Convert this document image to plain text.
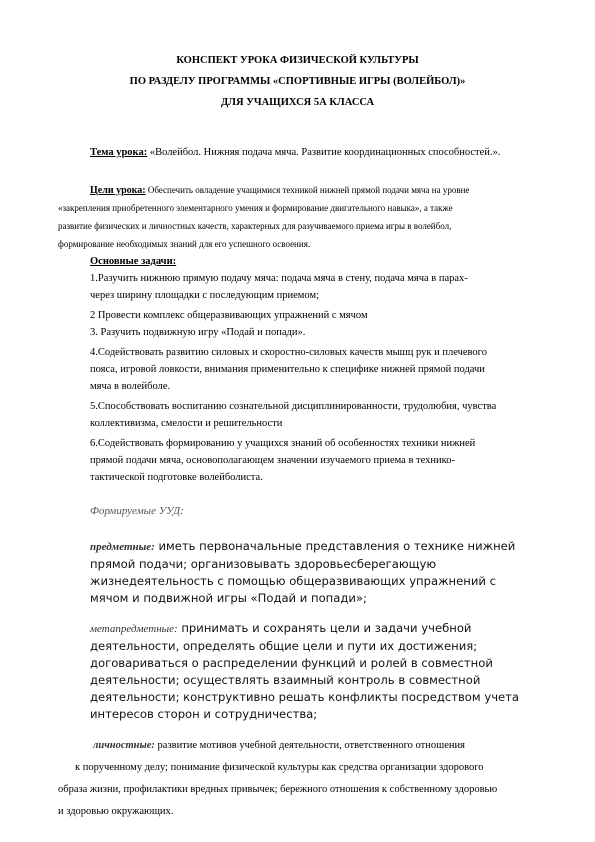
КОНСПЕКТ УРОКА ФИЗИЧЕСКОЙ КУЛЬТУРЫ
ПО РАЗДЕЛУ ПРОГРАММЫ «СПОРТИВНЫЕ ИГРЫ (ВОЛЕЙБОЛ)»
ДЛЯ УЧАЩИХСЯ 5А КЛАССА
Тема урока: «Волейбол. Нижняя подача мяча. Развитие координационных способностей.».
Цели урока: Обеспечить овладение учащимися техникой нижней прямой подачи мяча на уровне
«закрепления приобретенного элементарного умения и формирование двигательного навыка», а также
развитие физических и личностных качеств, характерных для разучиваемого приема игры в волейбол,
формирование необходимых знаний для его успешного освоения.
Основные задачи:
1.Разучить нижнюю прямую подачу мяча: подача мяча в стену, подача мяча в парах-
через ширину площадки с последующим приемом;
2 Провести комплекс общеразвивающих упражнений с мячом
3. Разучить подвижную игру «Подай и попади».
4.Содействовать развитию силовых и скоростно-силовых качеств мышц рук и плечевого
пояса, игровой ловкости, внимания применительно к специфике нижней прямой подачи
мяча в волейболе.
5.Способствовать воспитанию сознательной дисциплинированности, трудолюбия, чувства
коллективизма, смелости и решительности
6.Содействовать формированию у учащихся знаний об особенностях техники нижней
прямой подачи мяча, основополагающем значении изучаемого приема в технико-
тактической подготовке волейболиста.
Формируемые УУД:
предметные: иметь первоначальные представления о технике нижней
прямой подачи; организовывать здоровьесберегающую
жизнедеятельность с помощью общеразвивающих упражнений с
мячом и подвижной игры «Подай и попади»;
метапредметные: принимать и сохранять цели и задачи учебной
деятельности, определять общие цели и пути их достижения;
договариваться о распределении функций и ролей в совместной
деятельности; осуществлять взаимный контроль в совместной
деятельности; конструктивно решать конфликты посредством учета
интересов сторон и сотрудничества;
личностные: развитие мотивов учебной деятельности, ответственного отношения
к порученному делу; понимание физической культуры как средства организации здорового
образа жизни, профилактики вредных привычек; бережного отношения к собственному здоровью
и здоровью окружающих.
